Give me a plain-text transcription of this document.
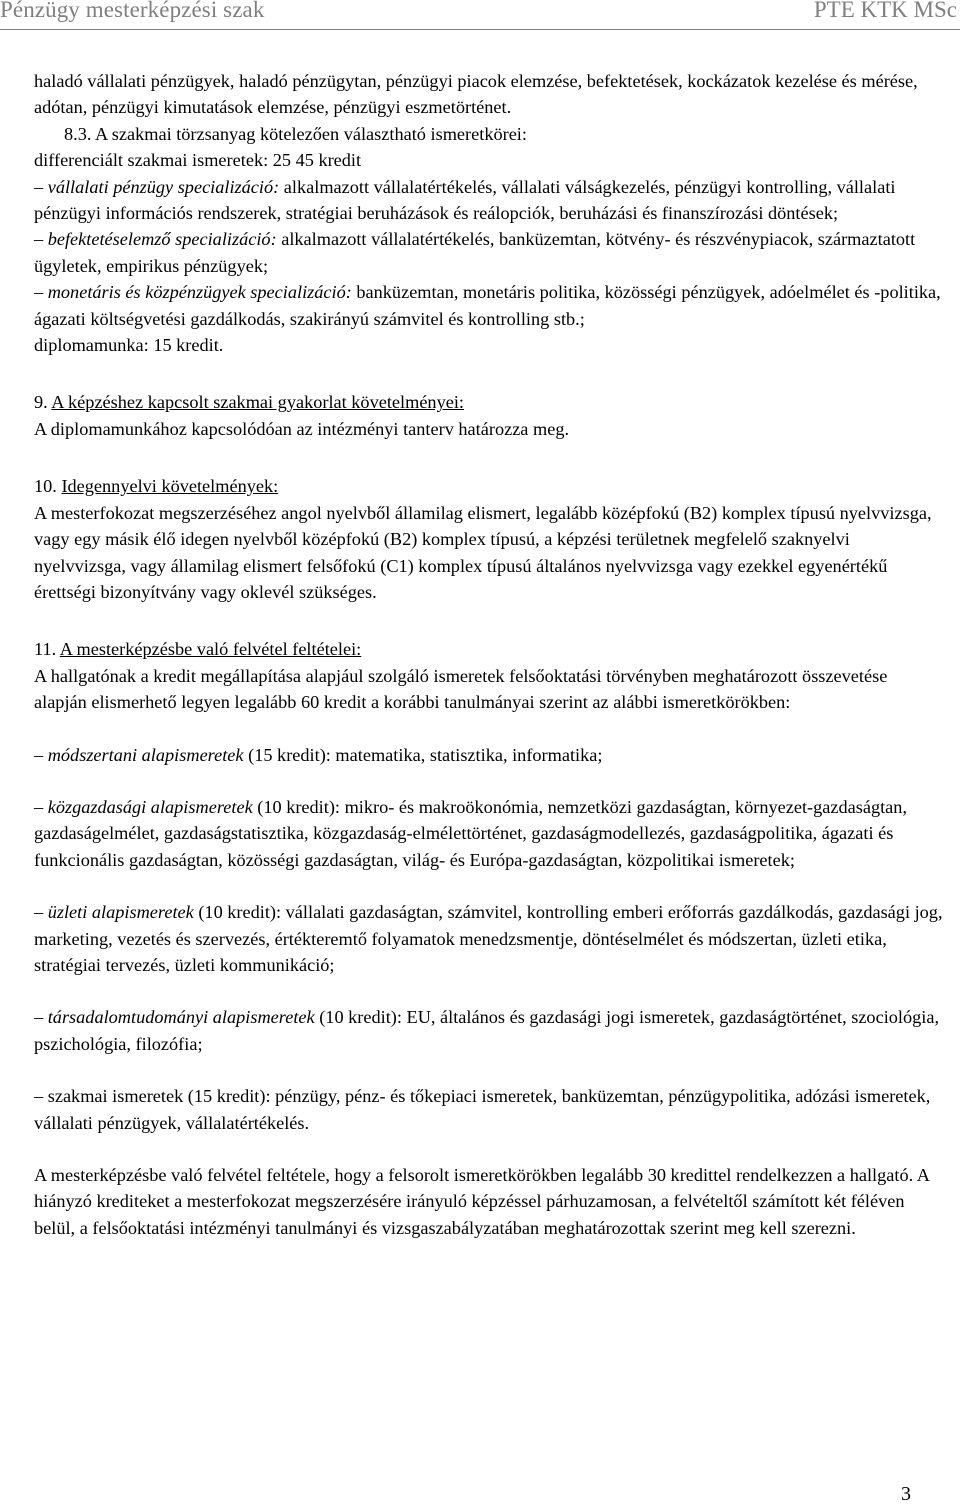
Pénzügy mesterképzési szak	PTE KTK MSc

haladó vállalati pénzügyek, haladó pénzügytan, pénzügyi piacok elemzése, befektetések, kockázatok kezelése és mérése, adótan, pénzügyi kimutatások elemzése, pénzügyi eszmetörténet.

8.3. A szakmai törzsanyag kötelezően választható ismeretkörei:

differenciált szakmai ismeretek: 25 45 kredit

– vállalati pénzügy specializáció: alkalmazott vállalatértékelés, vállalati válságkezelés, pénzügyi kontrolling, vállalati pénzügyi információs rendszerek, stratégiai beruházások és reálopciók, beruházási és finanszírozási döntések;

– befektetéselemző specializáció: alkalmazott vállalatértékelés, banküzemtan, kötvény- és részvénypiacok, származtatott ügyletek, empirikus pénzügyek;

– monetáris és közpénzügyek specializáció: banküzemtan, monetáris politika, közösségi pénzügyek, adóelmélet és -politika, ágazati költségvetési gazdálkodás, szakirányú számvitel és kontrolling stb.;

diplomamunka: 15 kredit.

9. A képzéshez kapcsolt szakmai gyakorlat követelményei:

A diplomamunkához kapcsolódóan az intézményi tanterv határozza meg.

10. Idegennyelvi követelmények:

A mesterfokozat megszerzéséhez angol nyelvből államilag elismert, legalább középfokú (B2) komplex típusú nyelvvizsga, vagy egy másik élő idegen nyelvből középfokú (B2) komplex típusú, a képzési területnek megfelelő szaknyelvi nyelvvizsga, vagy államilag elismert felsőfokú (C1) komplex típusú általános nyelvvizsga vagy ezekkel egyenértékű érettségi bizonyítvány vagy oklevél szükséges.

11. A mesterképzésbe való felvétel feltételei:

A hallgatónak a kredit megállapítása alapjául szolgáló ismeretek felsőoktatási törvényben meghatározott összevetése alapján elismerhető legyen legalább 60 kredit a korábbi tanulmányai szerint az alábbi ismeretkörökben:

– módszertani alapismeretek (15 kredit): matematika, statisztika, informatika;

– közgazdasági alapismeretek (10 kredit): mikro- és makroökonómia, nemzetközi gazdaságtan, környezet-gazdaságtan, gazdaságelmélet, gazdaságstatisztika, közgazdaság-elmélettörténet, gazdaságmodellezés, gazdaságpolitika, ágazati és funkcionális gazdaságtan, közösségi gazdaságtan, világ- és Európa-gazdaságtan, közpolitikai ismeretek;

– üzleti alapismeretek (10 kredit): vállalati gazdaságtan, számvitel, kontrolling emberi erőforrás gazdálkodás, gazdasági jog, marketing, vezetés és szervezés, értékteremtő folyamatok menedzsmentje, döntéselmélet és módszertan, üzleti etika, stratégiai tervezés, üzleti kommunikáció;

– társadalomtudományi alapismeretek (10 kredit): EU, általános és gazdasági jogi ismeretek, gazdaságtörténet, szociológia, pszichológia, filozófia;

– szakmai ismeretek (15 kredit): pénzügy, pénz- és tőkepiaci ismeretek, banküzemtan, pénzügypolitika, adózási ismeretek, vállalati pénzügyek, vállalatértékelés.

A mesterképzésbe való felvétel feltétele, hogy a felsorolt ismeretkörökben legalább 30 kredittel rendelkezzen a hallgató. A hiányzó krediteket a mesterfokozat megszerzésére irányuló képzéssel párhuzamosan, a felvételtől számított két féléven belül, a felsőoktatási intézményi tanulmányi és vizsgaszabályzatában meghatározottak szerint meg kell szerezni.

3
